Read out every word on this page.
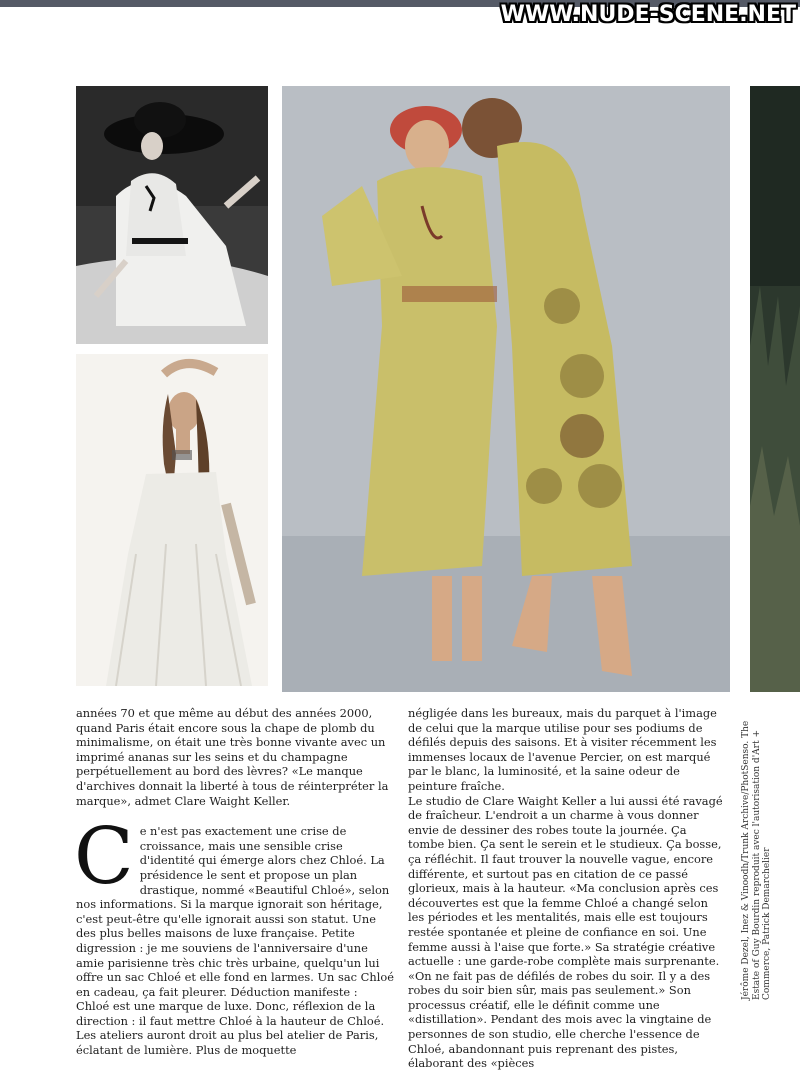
WWW.NUDE-SCENE.NET

années 70 et que même au début des années 2000, quand Paris était encore sous la chape de plomb du minimalisme, on était une très bonne vivante avec un imprimé ananas sur les seins et du champagne perpétuellement au bord des lèvres? «Le manque d'archives donnait la liberté à tous de réinterpréter la marque», admet Clare Waight Keller.

Ce n'est pas exactement une crise de croissance, mais une sensible crise d'identité qui émerge alors chez Chloé. La présidence le sent et propose un plan drastique, nommé «Beautiful Chloé», selon nos informations. Si la marque ignorait son héritage, c'est peut-être qu'elle ignorait aussi son statut. Une des plus belles maisons de luxe française. Petite digression : je me souviens de l'anniversaire d'une amie parisienne très chic très urbaine, quelqu'un lui offre un sac Chloé et elle fond en larmes. Un sac Chloé en cadeau, ça fait pleurer. Déduction manifeste : Chloé est une marque de luxe. Donc, réflexion de la direction : il faut mettre Chloé à la hauteur de Chloé. Les ateliers auront droit au plus bel atelier de Paris, éclatant de lumière. Plus de moquette

négligée dans les bureaux, mais du parquet à l'image de celui que la marque utilise pour ses podiums de défilés depuis des saisons. Et à visiter récemment les immenses locaux de l'avenue Percier, on est marqué par le blanc, la luminosité, et la saine odeur de peinture fraîche.

Le studio de Clare Waight Keller a lui aussi été ravagé de fraîcheur. L'endroit a un charme à vous donner envie de dessiner des robes toute la journée. Ça tombe bien. Ça sent le serein et le studieux. Ça bosse, ça réfléchit. Il faut trouver la nouvelle vague, encore différente, et surtout pas en citation de ce passé glorieux, mais à la hauteur. «Ma conclusion après ces découvertes est que la femme Chloé a changé selon les périodes et les mentalités, mais elle est toujours restée spontanée et pleine de confiance en soi. Une femme aussi à l'aise que forte.» Sa stratégie créative actuelle : une garde-robe complète mais surprenante. «On ne fait pas de défilés de robes du soir. Il y a des robes du soir bien sûr, mais pas seulement.» Son processus créatif, elle le définit comme une «distillation». Pendant des mois avec la vingtaine de personnes de son studio, elle cherche l'essence de Chloé, abandonnant puis reprenant des pistes, élaborant des «pièces

Jérôme Dezel, Inez & Vinoodh/Trunk Archive/PhotSenso. The Estate of Guy Bourdin reproduit avec l'autorisation d'Art + Commerce, Patrick Demarchelier
